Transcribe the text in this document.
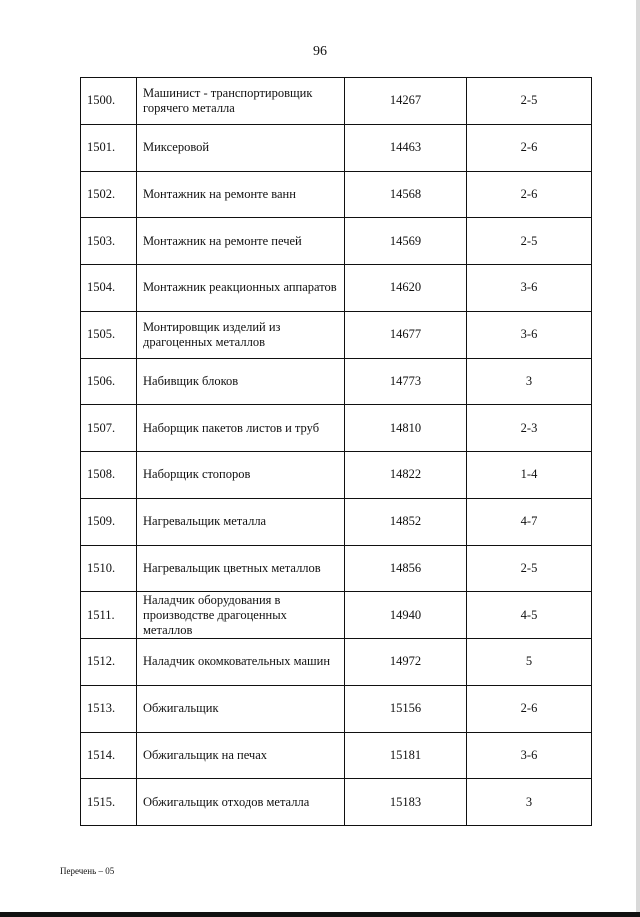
96
1500.	Машинист - транспортировщик горячего металла	14267	2-5
1501.	Миксеровой	14463	2-6
1502.	Монтажник на ремонте ванн	14568	2-6
1503.	Монтажник на ремонте печей	14569	2-5
1504.	Монтажник реакционных аппаратов	14620	3-6
1505.	Монтировщик изделий из драгоценных металлов	14677	3-6
1506.	Набивщик блоков	14773	3
1507.	Наборщик пакетов листов и труб	14810	2-3
1508.	Наборщик стопоров	14822	1-4
1509.	Нагревальщик металла	14852	4-7
1510.	Нагревальщик цветных металлов	14856	2-5
1511.	Наладчик оборудования в производстве драгоценных металлов	14940	4-5
1512.	Наладчик окомковательных машин	14972	5
1513.	Обжигальщик	15156	2-6
1514.	Обжигальщик на печах	15181	3-6
1515.	Обжигальщик отходов металла	15183	3
Перечень – 05
